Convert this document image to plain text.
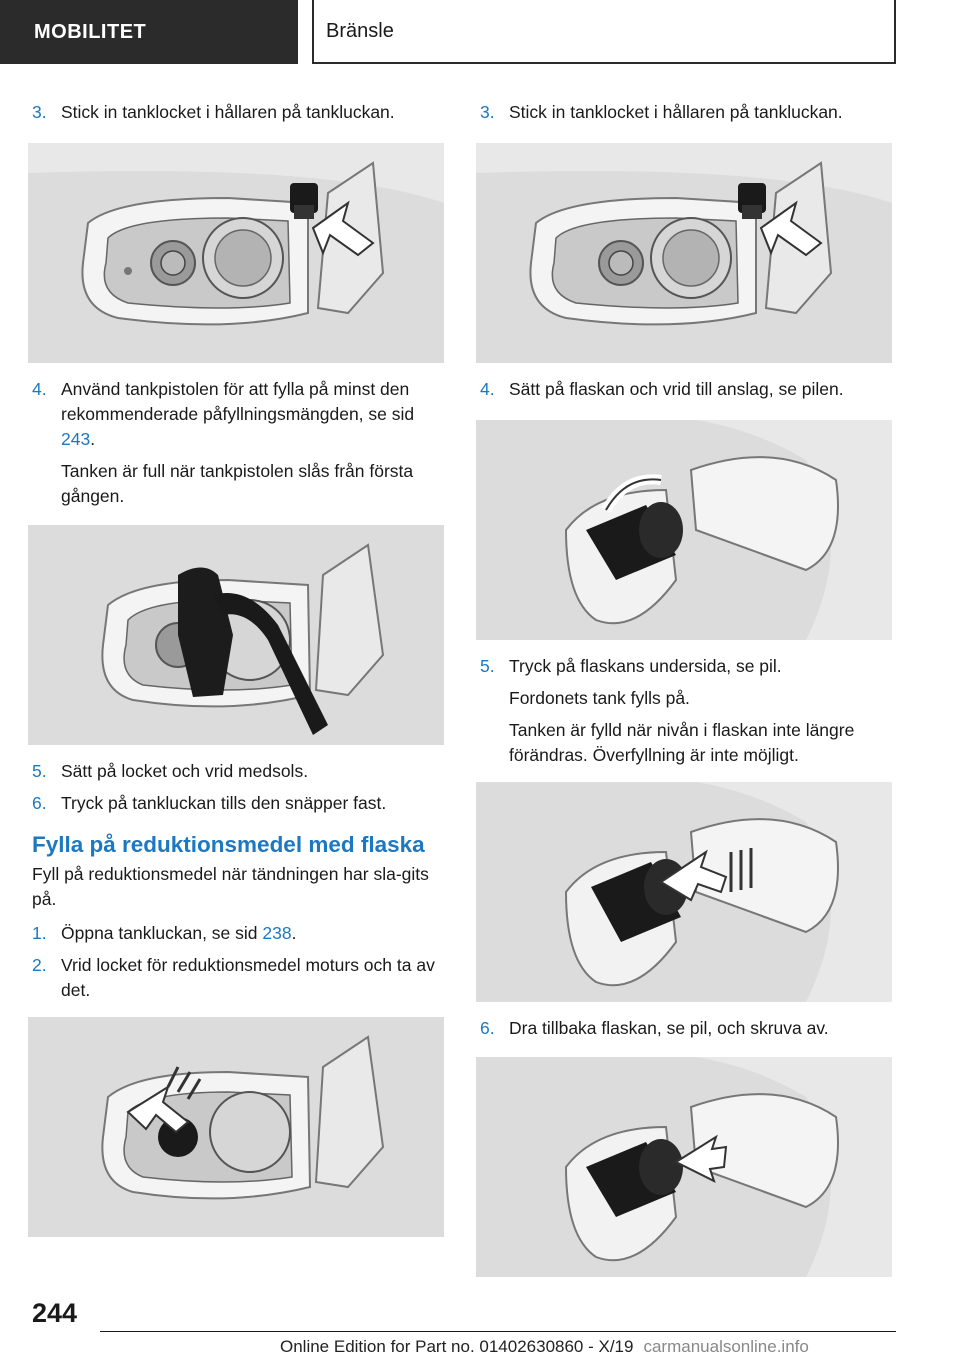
MOBILITET	Bränsle
3. Stick in tanklocket i hållaren på tankluckan.
4. Använd tankpistolen för att fylla på minst den rekommenderade påfyllningsmängden, se sid 243.
Tanken är full när tankpistolen slås från första gången.
5. Sätt på locket och vrid medsols.
6. Tryck på tankluckan tills den snäpper fast.
Fylla på reduktionsmedel med flaska
Fyll på reduktionsmedel när tändningen har sla‐gits på.
1. Öppna tankluckan, se sid 238.
2. Vrid locket för reduktionsmedel moturs och ta av det.
3. Stick in tanklocket i hållaren på tankluckan.
4. Sätt på flaskan och vrid till anslag, se pilen.
5. Tryck på flaskans undersida, se pil.
Fordonets tank fylls på.
Tanken är fylld när nivån i flaskan inte längre förändras. Överfyllning är inte möjligt.
6. Dra tillbaka flaskan, se pil, och skruva av.
244
Online Edition for Part no. 01402630860 - X/19 carmanualsonline.info
